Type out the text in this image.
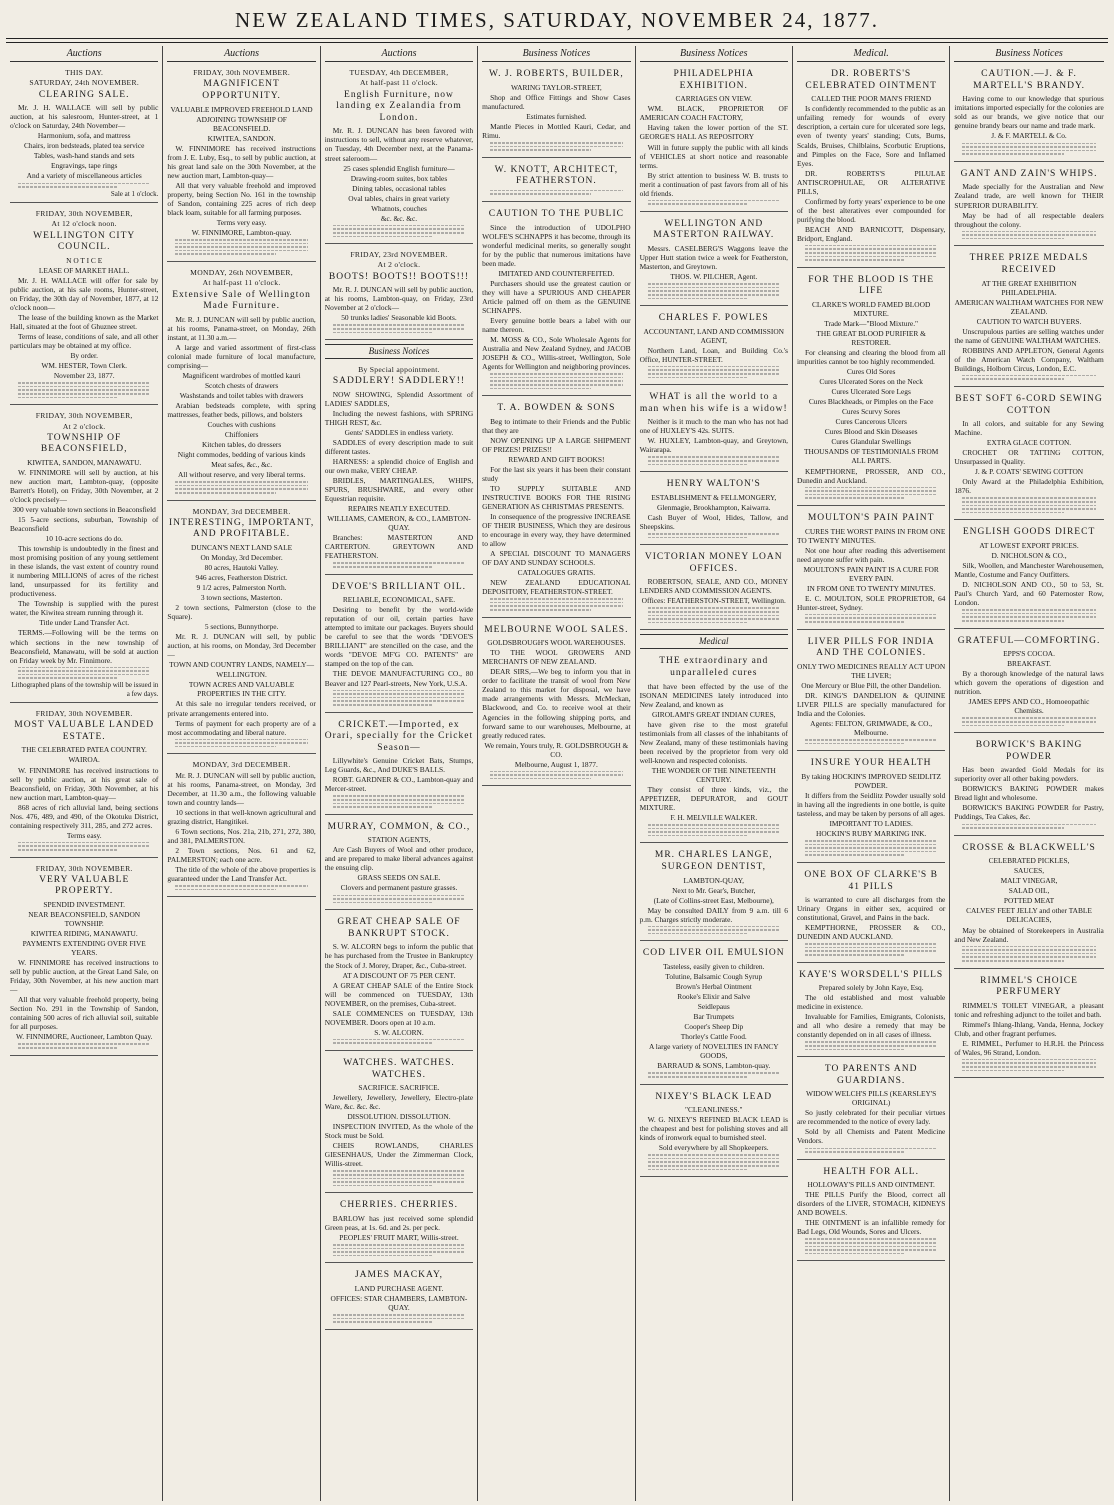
NEW ZEALAND TIMES, SATURDAY, NOVEMBER 24, 1877.
Auctions
THIS DAY.
SATURDAY, 24th NOVEMBER.
CLEARING SALE.

Mr. J. H. WALLACE will sell by public auction, at his salesroom, Hunter-street, at 1 o'clock on Saturday, 24th November—

Harmonium, sofa, and mattress

Chairs, iron bedsteads, plated tea service

Tables, wash-hand stands and sets

Engravings, tape rings

And a variety of miscellaneous articles

Sale at 1 o'clock.
FRIDAY, 30th NOVEMBER,
At 12 o'clock noon.
WELLINGTON CITY COUNCIL.

N O T I C E

LEASE OF MARKET HALL.

Mr. J. H. WALLACE will offer for sale by public auction, at his sale rooms, Hunter-street, on Friday, the 30th day of November, 1877, at 12 o'clock noon—

The lease of the building known as the Market Hall, situated at the foot of Ghuznee street.

Terms of lease, conditions of sale, and all other particulars may be obtained at my office.

By order.

WM. HESTER, Town Clerk.

November 23, 1877.

FRIDAY, 30th NOVEMBER,
At 2 o'clock.
TOWNSHIP OF BEACONSFIELD,

KIWITEA, SANDON, MANAWATU.

W. FINNIMORE will sell by auction, at his new auction mart, Lambton-quay, (opposite Barrett's Hotel), on Friday, 30th November, at 2 o'clock precisely—

300 very valuable town sections in Beaconsfield

15 5-acre sections, suburban, Township of Beaconsfield

10 10-acre sections do do.

This township is undoubtedly in the finest and most promising position of any young settlement in these islands, the vast extent of country round it numbering MILLIONS of acres of the richest land, unsurpassed for its fertility and productiveness.

The Township is supplied with the purest water, the Kiwitea stream running through it.

Title under Land Transfer Act.

TERMS.—Following will be the terms on which sections in the new township of Beaconsfield, Manawatu, will be sold at auction on Friday week by Mr. Finnimore.

Lithographed plans of the township will be issued in a few days.
FRIDAY, 30th NOVEMBER.
MOST VALUABLE LANDED ESTATE.

THE CELEBRATED PATEA COUNTRY.

WAIROA.

W. FINNIMORE has received instructions to sell by public auction, at his great sale of Beaconsfield, on Friday, 30th November, at his new auction mart, Lambton-quay—

868 acres of rich alluvial land, being sections Nos. 476, 489, and 490, of the Okotuku District, containing respectively 311, 285, and 272 acres.

Terms easy.

FRIDAY, 30th NOVEMBER.
VERY VALUABLE PROPERTY.

SPENDID INVESTMENT.

NEAR BEACONSFIELD, SANDON TOWNSHIP.

KIWITEA RIDING, MANAWATU.

PAYMENTS EXTENDING OVER FIVE YEARS.

W. FINNIMORE has received instructions to sell by public auction, at the Great Land Sale, on Friday, 30th November, at his new auction mart—

All that very valuable freehold property, being Section No. 291 in the Township of Sandon, containing 500 acres of rich alluvial soil, suitable for all purposes.

W. FINNIMORE, Auctioneer, Lambton Quay.

Auctions
FRIDAY, 30th NOVEMBER.
MAGNIFICENT OPPORTUNITY.

VALUABLE IMPROVED FREEHOLD LAND

ADJOINING TOWNSHIP OF BEACONSFIELD.

KIWITEA, SANDON.

W. FINNIMORE has received instructions from J. E. Luby, Esq., to sell by public auction, at his great land sale on the 30th November, at the new auction mart, Lambton-quay—

All that very valuable freehold and improved property, being Section No. 161 in the township of Sandon, containing 225 acres of rich deep black loam, suitable for all farming purposes.

Terms very easy.

W. FINNIMORE, Lambton-quay.

MONDAY, 26th NOVEMBER,
At half-past 11 o'clock.
Extensive Sale of Wellington Made Furniture.

Mr. R. J. DUNCAN will sell by public auction, at his rooms, Panama-street, on Monday, 26th instant, at 11.30 a.m.—

A large and varied assortment of first-class colonial made furniture of local manufacture, comprising—

Magnificent wardrobes of mottled kauri

Scotch chests of drawers

Washstands and toilet tables with drawers

Arabian bedsteads complete, with spring mattresses, feather beds, pillows, and bolsters

Couches with cushions

Chiffoniers

Kitchen tables, do dressers

Night commodes, bedding of various kinds

Meat safes, &c., &c.

All without reserve, and very liberal terms.

MONDAY, 3rd DECEMBER.
INTERESTING, IMPORTANT, AND PROFITABLE.

DUNCAN'S NEXT LAND SALE

On Monday, 3rd December.

80 acres, Hautoki Valley.

946 acres, Featherston District.

9 1/2 acres, Palmerston North.

3 town sections, Masterton.

2 town sections, Palmerston (close to the Square).

5 sections, Bunnythorpe.

Mr. R. J. DUNCAN will sell, by public auction, at his rooms, on Monday, 3rd December—

TOWN AND COUNTRY LANDS, NAMELY—

WELLINGTON.

TOWN ACRES AND VALUABLE PROPERTIES IN THE CITY.

At this sale no irregular tenders received, or private arrangements entered into.

Terms of payment for each property are of a most accommodating and liberal nature.

MONDAY, 3rd DECEMBER.

Mr. R. J. DUNCAN will sell by public auction, at his rooms, Panama-street, on Monday, 3rd December, at 11.30 a.m., the following valuable town and country lands—

10 sections in that well-known agricultural and grazing district, Hangitikei.

6 Town sections, Nos. 21a, 21b, 271, 272, 380, and 381, PALMERSTON.

2 Town sections, Nos. 61 and 62, PALMERSTON; each one acre.

The title of the whole of the above properties is guaranteed under the Land Transfer Act.

Auctions
TUESDAY, 4th DECEMBER,
At half-past 11 o'clock.
English Furniture, now landing ex Zealandia from London.

Mr. R. J. DUNCAN has been favored with instructions to sell, without any reserve whatever, on Tuesday, 4th December next, at the Panama-street saleroom—

25 cases splendid English furniture—

Drawing-room suites, box tables

Dining tables, occasional tables

Oval tables, chairs in great variety

Whatnots, couches

&c. &c. &c.

FRIDAY, 23rd NOVEMBER.
At 2 o'clock.
BOOTS! BOOTS!! BOOTS!!!

Mr. R. J. DUNCAN will sell by public auction, at his rooms, Lambton-quay, on Friday, 23rd November at 2 o'clock—

50 trunks ladies' Seasonable kid Boots.

Business Notices
By Special appointment.
SADDLERY! SADDLERY!!

NOW SHOWING, Splendid Assortment of LADIES' SADDLES,

Including the newest fashions, with SPRING THIGH REST, &c.

Gents' SADDLES in endless variety.

SADDLES of every description made to suit different tastes.

HARNESS: a splendid choice of English and our own make, VERY CHEAP.

BRIDLES, MARTINGALES, WHIPS, SPURS, BRUSHWARE, and every other Equestrian requisite.

REPAIRS NEATLY EXECUTED.

WILLIAMS, CAMERON, & CO., LAMBTON-QUAY.

Branches: MASTERTON AND CARTERTON. GREYTOWN AND FEATHERSTON.

DEVOE'S BRILLIANT OIL.

RELIABLE, ECONOMICAL, SAFE.

Desiring to benefit by the world-wide reputation of our oil, certain parties have attempted to imitate our packages. Buyers should be careful to see that the words "DEVOE'S BRILLIANT" are stencilled on the case, and the words "DEVOE MF'G CO. PATENTS" are stamped on the top of the can.

THE DEVOE MANUFACTURING CO., 80 Beaver and 127 Pearl-streets, New York, U.S.A.

CRICKET.—Imported, ex Orari, specially for the Cricket Season—

Lillywhite's Genuine Cricket Bats, Stumps, Leg Guards, &c., And DUKE'S BALLS.

ROBT. GARDNER & CO., Lambton-quay and Mercer-street.

MURRAY, COMMON, & CO.,

STATION AGENTS,

Are Cash Buyers of Wool and other produce, and are prepared to make liberal advances against the ensuing clip.

GRASS SEEDS ON SALE.

Clovers and permanent pasture grasses.

GREAT CHEAP SALE OF BANKRUPT STOCK.

S. W. ALCORN begs to inform the public that he has purchased from the Trustee in Bankruptcy the Stock of J. Morey, Draper, &c., Cuba-street.

AT A DISCOUNT OF 75 PER CENT.

A GREAT CHEAP SALE of the Entire Stock will be commenced on TUESDAY, 13th NOVEMBER, on the premises, Cuba-street.

SALE COMMENCES on TUESDAY, 13th NOVEMBER. Doors open at 10 a.m.

S. W. ALCORN.

WATCHES. WATCHES. WATCHES.

SACRIFICE. SACRIFICE.

Jewellery, Jewellery, Jewellery, Electro-plate Ware, &c. &c. &c.

DISSOLUTION. DISSOLUTION.

INSPECTION INVITED, As the whole of the Stock must be Sold.

CHEIS ROWLANDS, CHARLES GIESENHAUS, Under the Zimmerman Clock, Willis-street.

CHERRIES. CHERRIES.

BARLOW has just received some splendid Green peas, at 1s. 6d. and 2s. per peck.

PEOPLES' FRUIT MART, Willis-street.

JAMES MACKAY,

LAND PURCHASE AGENT.

OFFICES: STAR CHAMBERS, LAMBTON-QUAY.

Business Notices
W. J. ROBERTS, BUILDER,

WARING TAYLOR-STREET,

Shop and Office Fittings and Show Cases manufactured.

Estimates furnished.

Mantle Pieces in Mottled Kauri, Cedar, and Rimu.

W. KNOTT, ARCHITECT, FEATHERSTON.
CAUTION TO THE PUBLIC

Since the introduction of UDOLPHO WOLFE'S SCHNAPPS it has become, through its wonderful medicinal merits, so generally sought for by the public that numerous imitations have been made.

IMITATED AND COUNTERFEITED.

Purchasers should use the greatest caution or they will have a SPURIOUS AND CHEAPER Article palmed off on them as the GENUINE SCHNAPPS.

Every genuine bottle bears a label with our name thereon.

M. MOSS & CO., Sole Wholesale Agents for Australia and New Zealand Sydney, and JACOB JOSEPH & CO., Willis-street, Wellington, Sole Agents for Wellington and neighboring provinces.

T. A. BOWDEN & SONS

Beg to intimate to their Friends and the Public that they are

NOW OPENING UP A LARGE SHIPMENT OF PRIZES! PRIZES!!

REWARD AND GIFT BOOKS!

For the last six years it has been their constant study

TO SUPPLY SUITABLE AND INSTRUCTIVE BOOKS FOR THE RISING GENERATION AS CHRISTMAS PRESENTS.

In consequence of the progressive INCREASE OF THEIR BUSINESS, Which they are desirous to encourage in every way, they have determined to allow

A SPECIAL DISCOUNT TO MANAGERS OF DAY AND SUNDAY SCHOOLS.

CATALOGUES GRATIS.

NEW ZEALAND EDUCATIONAL DEPOSITORY, FEATHERSTON-STREET.

MELBOURNE WOOL SALES.

GOLDSBROUGH'S WOOL WAREHOUSES.

TO THE WOOL GROWERS AND MERCHANTS OF NEW ZEALAND.

DEAR SIRS,—We beg to inform you that in order to facilitate the transit of wool from New Zealand to this market for disposal, we have made arrangements with Messrs. McMeckan, Blackwood, and Co. to receive wool at their Agencies in the following shipping ports, and forward same to our warehouses, Melbourne, at greatly reduced rates.

We remain, Yours truly, R. GOLDSBROUGH & CO.

Melbourne, August 1, 1877.

Business Notices
PHILADELPHIA EXHIBITION.

CARRIAGES ON VIEW.

WM. BLACK, PROPRIETOR OF AMERICAN COACH FACTORY,

Having taken the lower portion of the ST. GEORGE'S HALL AS REPOSITORY

Will in future supply the public with all kinds of VEHICLES at short notice and reasonable terms.

By strict attention to business W. B. trusts to merit a continuation of past favors from all of his old friends.

WELLINGTON AND MASTERTON RAILWAY.

Messrs. CASELBERG'S Waggons leave the Upper Hutt station twice a week for Featherston, Masterton, and Greytown.

THOS. W. PILCHER, Agent.

CHARLES F. POWLES

ACCOUNTANT, LAND AND COMMISSION AGENT,

Northern Land, Loan, and Building Co.'s Office, HUNTER-STREET.

WHAT is all the world to a man when his wife is a widow!

Neither is it much to the man who has not had one of HUXLEY'S 42s. SUITS.

W. HUXLEY, Lambton-quay, and Greytown, Wairarapa.

HENRY WALTON'S

ESTABLISHMENT & FELLMONGERY,

Glenmagie, Brookhampton, Kaiwarra.

Cash Buyer of Wool, Hides, Tallow, and Sheepskins.

VICTORIAN MONEY LOAN OFFICES.

ROBERTSON, SEALE, AND CO., MONEY LENDERS AND COMMISSION AGENTS.

Offices: FEATHERSTON-STREET, Wellington.

Medical
THE extraordinary and unparalleled cures

that have been effected by the use of the ISONAN MEDICINES lately introduced into New Zealand, and known as

GIROLAMI'S GREAT INDIAN CURES,

have given rise to the most grateful testimonials from all classes of the inhabitants of New Zealand, many of these testimonials having been received by the proprietor from very old well-known and respected colonists.

THE WONDER OF THE NINETEENTH CENTURY.

They consist of three kinds, viz., the APPETIZER, DEPURATOR, and GOUT MIXTURE.

F. H. MELVILLE WALKER.

MR. CHARLES LANGE, SURGEON DENTIST,

LAMBTON-QUAY,

Next to Mr. Gear's, Butcher,

(Late of Collins-street East, Melbourne),

May be consulted DAILY from 9 a.m. till 6 p.m. Charges strictly moderate.

COD LIVER OIL EMULSION

Tasteless, easily given to children.

Tolutine, Balsamic Cough Syrup

Brown's Herbal Ointment

Rooke's Elixir and Salve

Seidlepaus

Bar Trumpets

Cooper's Sheep Dip

Thorley's Cattle Food.

A large variety of NOVELTIES IN FANCY GOODS,

BARRAUD & SONS, Lambton-quay.

NIXEY'S BLACK LEAD

"CLEANLINESS."

W. G. NIXEY'S REFINED BLACK LEAD is the cheapest and best for polishing stoves and all kinds of ironwork equal to burnished steel.

Sold everywhere by all Shopkeepers.

Medical.
DR. ROBERTS'S CELEBRATED OINTMENT

CALLED THE POOR MAN'S FRIEND

Is confidently recommended to the public as an unfailing remedy for wounds of every description, a certain cure for ulcerated sore legs, even of twenty years' standing; Cuts, Burns, Scalds, Bruises, Chilblains, Scorbutic Eruptions, and Pimples on the Face, Sore and Inflamed Eyes.

DR. ROBERTS'S PILULAE ANTISCROPHULAE, OR ALTERATIVE PILLS,

Confirmed by forty years' experience to be one of the best alteratives ever compounded for purifying the blood.

BEACH AND BARNICOTT, Dispensary, Bridport, England.

FOR THE BLOOD IS THE LIFE

CLARKE'S WORLD FAMED BLOOD MIXTURE.

Trade Mark—"Blood Mixture."

THE GREAT BLOOD PURIFIER & RESTORER.

For cleansing and clearing the blood from all impurities cannot be too highly recommended.

Cures Old Sores

Cures Ulcerated Sores on the Neck

Cures Ulcerated Sore Legs

Cures Blackheads, or Pimples on the Face

Cures Scurvy Sores

Cures Cancerous Ulcers

Cures Blood and Skin Diseases

Cures Glandular Swellings

THOUSANDS OF TESTIMONIALS FROM ALL PARTS.

KEMPTHORNE, PROSSER, AND CO., Dunedin and Auckland.

MOULTON'S PAIN PAINT

CURES THE WORST PAINS IN FROM ONE TO TWENTY MINUTES.

Not one hour after reading this advertisement need anyone suffer with pain.

MOULTON'S PAIN PAINT IS A CURE FOR EVERY PAIN.

IN FROM ONE TO TWENTY MINUTES.

E. C. MOULTON, SOLE PROPRIETOR, 64 Hunter-street, Sydney.

LIVER PILLS FOR INDIA AND THE COLONIES.

ONLY TWO MEDICINES REALLY ACT UPON THE LIVER;

One Mercury or Blue Pill, the other Dandelion.

DR. KING'S DANDELION & QUININE LIVER PILLS are specially manufactured for India and the Colonies.

Agents: FELTON, GRIMWADE, & CO., Melbourne.

INSURE YOUR HEALTH

By taking HOCKIN'S IMPROVED SEIDLITZ POWDER.

It differs from the Seidlitz Powder usually sold in having all the ingredients in one bottle, is quite tasteless, and may be taken by persons of all ages.

IMPORTANT TO LADIES.

HOCKIN'S RUBY MARKING INK.

ONE BOX OF CLARKE'S B 41 PILLS

is warranted to cure all discharges from the Urinary Organs in either sex, acquired or constitutional, Gravel, and Pains in the back.

KEMPTHORNE, PROSSER & CO., DUNEDIN AND AUCKLAND.

KAYE'S WORSDELL'S PILLS

Prepared solely by John Kaye, Esq.

The old established and most valuable medicine in existence.

Invaluable for Families, Emigrants, Colonists, and all who desire a remedy that may be constantly depended on in all cases of illness.

TO PARENTS AND GUARDIANS.

WIDOW WELCH'S PILLS (KEARSLEY'S ORIGINAL)

So justly celebrated for their peculiar virtues are recommended to the notice of every lady.

Sold by all Chemists and Patent Medicine Vendors.

HEALTH FOR ALL.

HOLLOWAY'S PILLS AND OINTMENT.

THE PILLS Purify the Blood, correct all disorders of the LIVER, STOMACH, KIDNEYS AND BOWELS.

THE OINTMENT is an infallible remedy for Bad Legs, Old Wounds, Sores and Ulcers.

Business Notices
CAUTION.—J. & F. MARTELL'S BRANDY.

Having come to our knowledge that spurious imitations imported especially for the colonies are sold as our brands, we give notice that our genuine brandy bears our name and trade mark.

J. & F. MARTELL & Co.

GANT AND ZAIN'S WHIPS.

Made specially for the Australian and New Zealand trade, are well known for THEIR SUPERIOR DURABILITY.

May be had of all respectable dealers throughout the colony.

THREE PRIZE MEDALS RECEIVED

AT THE GREAT EXHIBITION PHILADELPHIA.

AMERICAN WALTHAM WATCHES FOR NEW ZEALAND.

CAUTION TO WATCH BUYERS.

Unscrupulous parties are selling watches under the name of GENUINE WALTHAM WATCHES.

ROBBINS AND APPLETON, General Agents of the American Watch Company, Waltham Buildings, Holborn Circus, London, E.C.

BEST SOFT 6-CORD SEWING COTTON

In all colors, and suitable for any Sewing Machine.

EXTRA GLACE COTTON.

CROCHET OR TATTING COTTON, Unsurpassed in Quality.

J. & P. COATS' SEWING COTTON

Only Award at the Philadelphia Exhibition, 1876.

ENGLISH GOODS DIRECT

AT LOWEST EXPORT PRICES.

D. NICHOLSON & CO.,

Silk, Woollen, and Manchester Warehousemen, Mantle, Costume and Fancy Outfitters.

D. NICHOLSON AND CO., 50 to 53, St. Paul's Church Yard, and 60 Paternoster Row, London.

GRATEFUL—COMFORTING.

EPPS'S COCOA.

BREAKFAST.

By a thorough knowledge of the natural laws which govern the operations of digestion and nutrition.

JAMES EPPS AND CO., Homoeopathic Chemists.

BORWICK'S BAKING POWDER

Has been awarded Gold Medals for its superiority over all other baking powders.

BORWICK'S BAKING POWDER makes Bread light and wholesome.

BORWICK'S BAKING POWDER for Pastry, Puddings, Tea Cakes, &c.

CROSSE & BLACKWELL'S

CELEBRATED PICKLES,

SAUCES,

MALT VINEGAR,

SALAD OIL,

POTTED MEAT

CALVES' FEET JELLY and other TABLE DELICACIES,

May be obtained of Storekeepers in Australia and New Zealand.

RIMMEL'S CHOICE PERFUMERY

RIMMEL'S TOILET VINEGAR, a pleasant tonic and refreshing adjunct to the toilet and bath.

Rimmel's Ihlang-Ihlang, Vanda, Henna, Jockey Club, and other fragrant perfumes.

E. RIMMEL, Perfumer to H.R.H. the Princess of Wales, 96 Strand, London.
